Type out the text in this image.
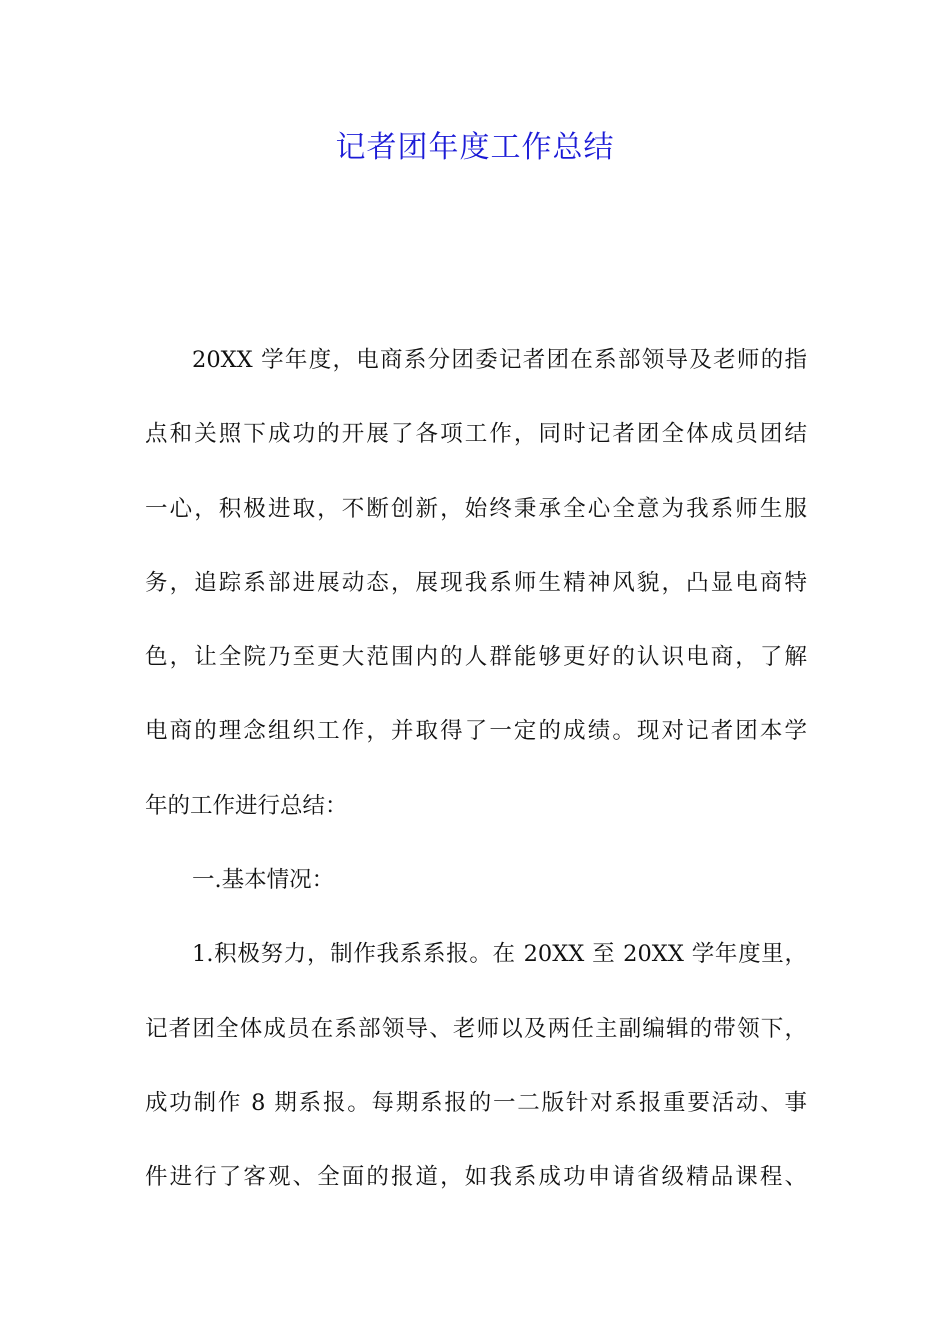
记者团年度工作总结
20XX 学年度，电商系分团委记者团在系部领导及老师的指
点和关照下成功的开展了各项工作，同时记者团全体成员团结
一心，积极进取，不断创新，始终秉承全心全意为我系师生服
务，追踪系部进展动态，展现我系师生精神风貌，凸显电商特
色，让全院乃至更大范围内的人群能够更好的认识电商，了解
电商的理念组织工作，并取得了一定的成绩。现对记者团本学
年的工作进行总结：
一.基本情况：
1.积极努力，制作我系系报。在 20XX 至 20XX 学年度里，
记者团全体成员在系部领导、老师以及两任主副编辑的带领下，
成功制作 8 期系报。每期系报的一二版针对系报重要活动、事
件进行了客观、全面的报道，如我系成功申请省级精品课程、
